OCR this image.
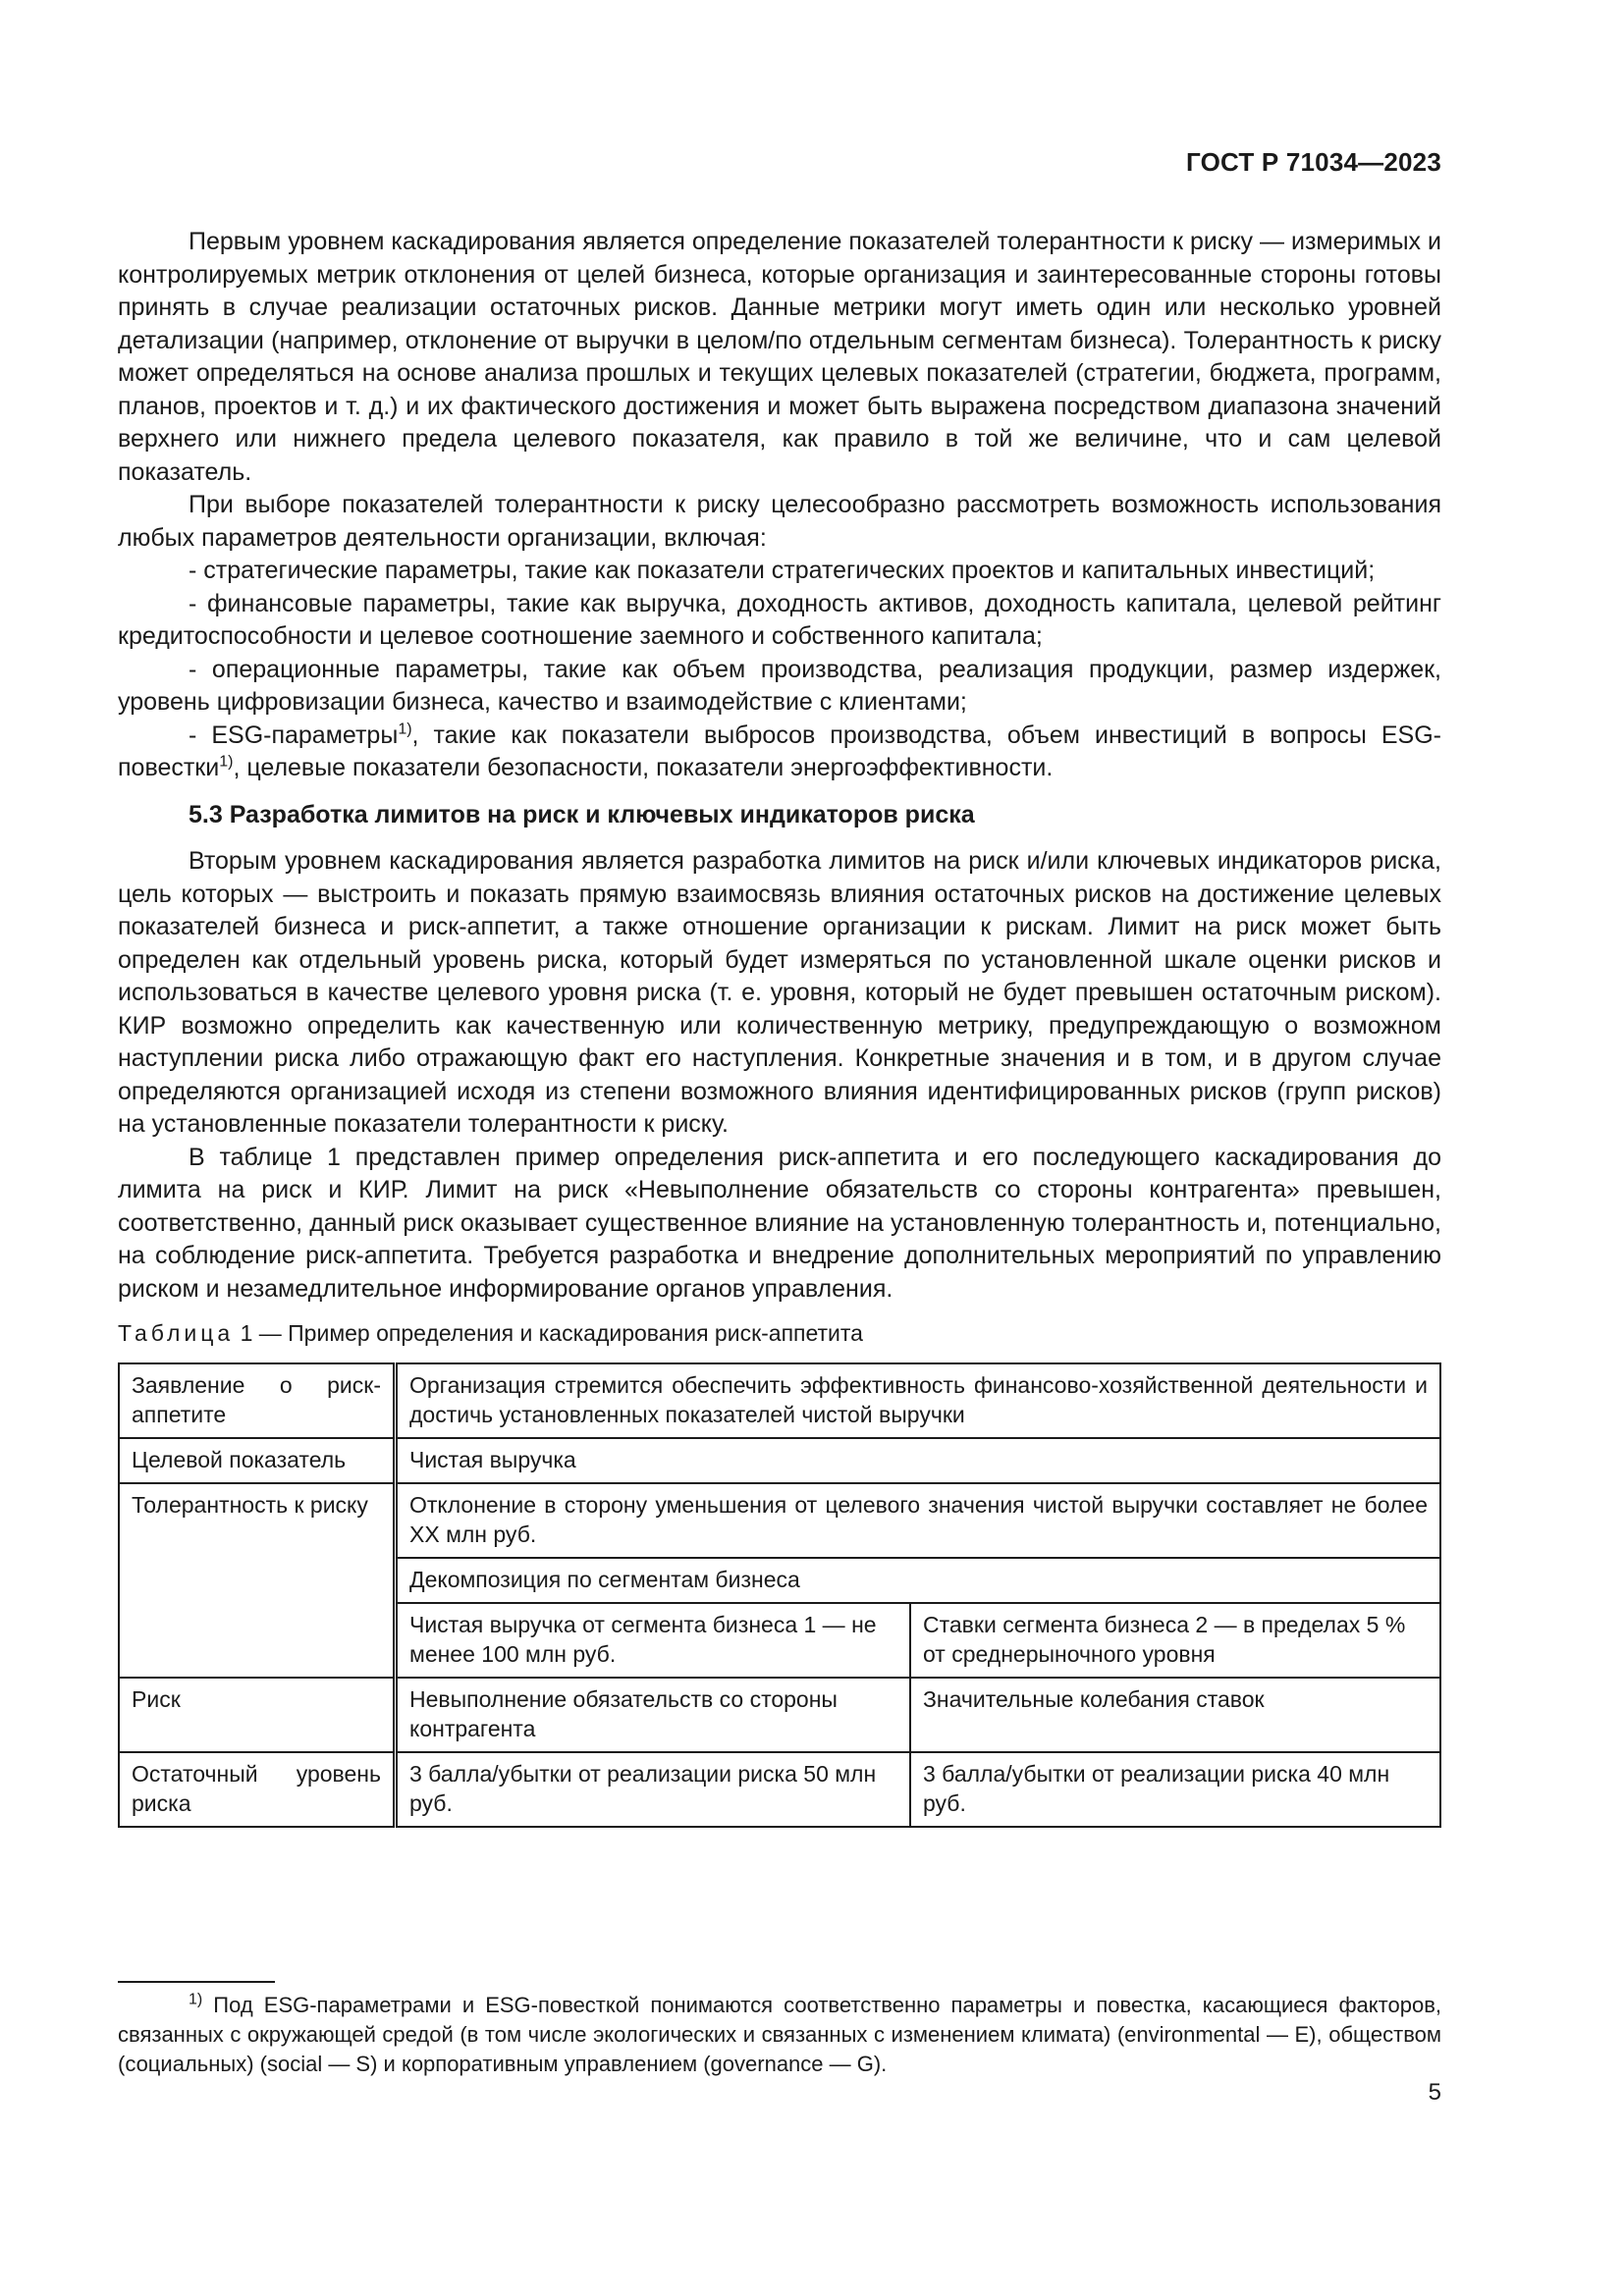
ГОСТ Р 71034—2023

Первым уровнем каскадирования является определение показателей толерантности к риску — измеримых и контролируемых метрик отклонения от целей бизнеса, которые организация и заинтересованные стороны готовы принять в случае реализации остаточных рисков. Данные метрики могут иметь один или несколько уровней детализации (например, отклонение от выручки в целом/по отдельным сегментам бизнеса). Толерантность к риску может определяться на основе анализа прошлых и текущих целевых показателей (стратегии, бюджета, программ, планов, проектов и т. д.) и их фактического достижения и может быть выражена посредством диапазона значений верхнего или нижнего предела целевого показателя, как правило в той же величине, что и сам целевой показатель.

При выборе показателей толерантности к риску целесообразно рассмотреть возможность использования любых параметров деятельности организации, включая:

- стратегические параметры, такие как показатели стратегических проектов и капитальных инвестиций;

- финансовые параметры, такие как выручка, доходность активов, доходность капитала, целевой рейтинг кредитоспособности и целевое соотношение заемного и собственного капитала;

- операционные параметры, такие как объем производства, реализация продукции, размер издержек, уровень цифровизации бизнеса, качество и взаимодействие с клиентами;

- ESG-параметры$^{1)}$, такие как показатели выбросов производства, объем инвестиций в вопросы ESG-повестки$^{1)}$, целевые показатели безопасности, показатели энергоэффективности.

5.3 Разработка лимитов на риск и ключевых индикаторов риска

Вторым уровнем каскадирования является разработка лимитов на риск и/или ключевых индикаторов риска, цель которых — выстроить и показать прямую взаимосвязь влияния остаточных рисков на достижение целевых показателей бизнеса и риск-аппетит, а также отношение организации к рискам. Лимит на риск может быть определен как отдельный уровень риска, который будет измеряться по установленной шкале оценки рисков и использоваться в качестве целевого уровня риска (т. е. уровня, который не будет превышен остаточным риском). КИР возможно определить как качественную или количественную метрику, предупреждающую о возможном наступлении риска либо отражающую факт его наступления. Конкретные значения и в том, и в другом случае определяются организацией исходя из степени возможного влияния идентифицированных рисков (групп рисков) на установленные показатели толерантности к риску.

В таблице 1 представлен пример определения риск-аппетита и его последующего каскадирования до лимита на риск и КИР. Лимит на риск «Невыполнение обязательств со стороны контрагента» превышен, соответственно, данный риск оказывает существенное влияние на установленную толерантность и, потенциально, на соблюдение риск-аппетита. Требуется разработка и внедрение дополнительных мероприятий по управлению риском и незамедлительное информирование органов управления.

Таблица 1 — Пример определения и каскадирования риск-аппетита

Заявление о риск-
аппетите	Организация стремится обеспечить эффективность финансово-хозяйственной деятельности и достичь установленных показателей чистой выручки	
Целевой показатель	Чистая выручка	
Толерантность к риску	Отклонение в сторону уменьшения от целевого значения чистой выручки составляет не более XX млн руб.	
	Декомпозиция по сегментам бизнеса	
	Чистая выручка от сегмента бизнеса 1 — не менее 100 млн руб.	Ставки сегмента бизнеса 2 — в пределах 5 % от среднерыночного уровня
Риск	Невыполнение обязательств со стороны контрагента	Значительные колебания ставок

Остаточный уровень
риска	3 балла/убытки от реализации риска 50 млн руб.	3 балла/убытки от реализации риска 40 млн руб.
$^{1)}$ Под ESG-параметрами и ESG-повесткой понимаются соответственно параметры и повестка, касающиеся факторов, связанных с окружающей средой (в том числе экологических и связанных с изменением климата) (environmental — E), обществом (социальных) (social — S) и корпоративным управлением (governance — G).
5
